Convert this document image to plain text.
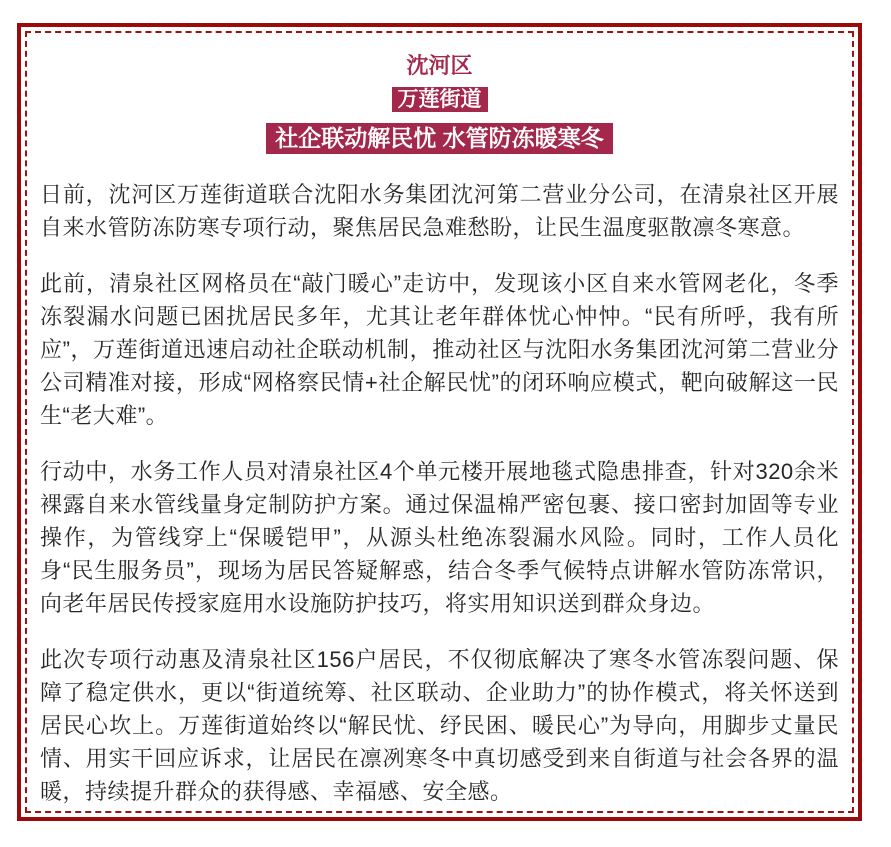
沈河区
万莲街道
社企联动解民忧 水管防冻暖寒冬

日前，沈河区万莲街道联合沈阳水务集团沈河第二营业分公司，在清泉社区开展自来水管防冻防寒专项行动，聚焦居民急难愁盼，让民生温度驱散凛冬寒意。

此前，清泉社区网格员在“敲门暖心”走访中，发现该小区自来水管网老化，冬季冻裂漏水问题已困扰居民多年，尤其让老年群体忧心忡忡。“民有所呼，我有所应”，万莲街道迅速启动社企联动机制，推动社区与沈阳水务集团沈河第二营业分公司精准对接，形成“网格察民情+社企解民忧”的闭环响应模式，靶向破解这一民生“老大难”。

行动中，水务工作人员对清泉社区4个单元楼开展地毯式隐患排查，针对320余米裸露自来水管线量身定制防护方案。通过保温棉严密包裹、接口密封加固等专业操作，为管线穿上“保暖铠甲”，从源头杜绝冻裂漏水风险。同时，工作人员化身“民生服务员”，现场为居民答疑解惑，结合冬季气候特点讲解水管防冻常识，向老年居民传授家庭用水设施防护技巧，将实用知识送到群众身边。

此次专项行动惠及清泉社区156户居民，不仅彻底解决了寒冬水管冻裂问题、保障了稳定供水，更以“街道统筹、社区联动、企业助力”的协作模式，将关怀送到居民心坎上。万莲街道始终以“解民忧、纾民困、暖民心”为导向，用脚步丈量民情、用实干回应诉求，让居民在凛冽寒冬中真切感受到来自街道与社会各界的温暖，持续提升群众的获得感、幸福感、安全感。
